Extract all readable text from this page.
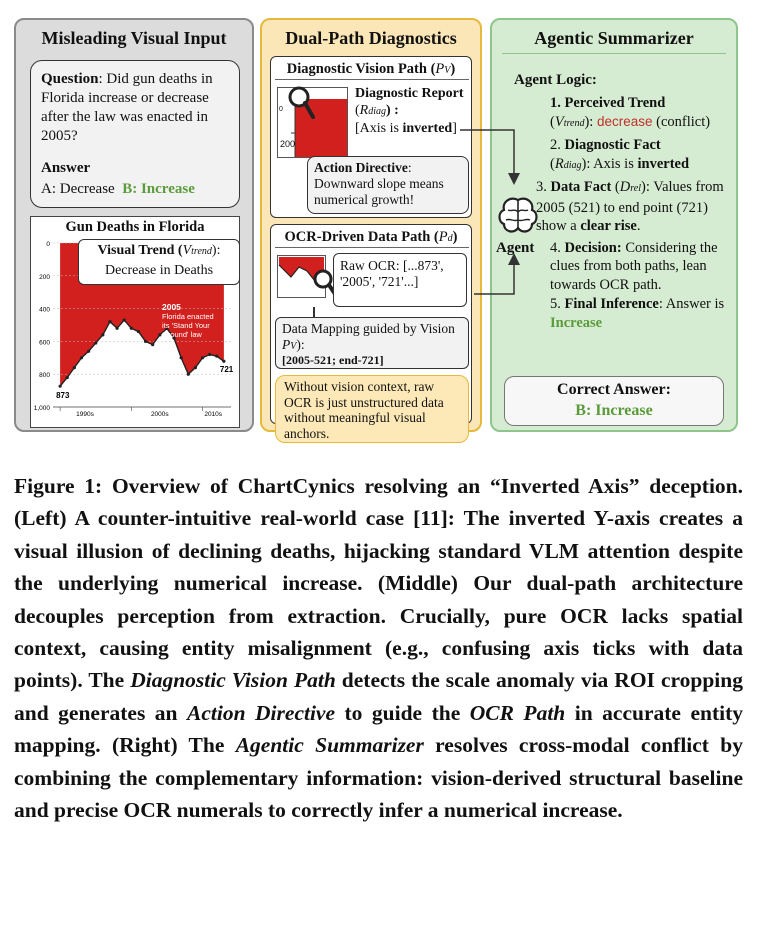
Misleading Visual Input
Question: Did gun deaths in Florida increase or decrease after the law was enacted in 2005?
Answer
A: Decrease B: Increase
Gun Deaths in Florida
0
200
400
600
800
1,000
1990s	2000s	2010s
873
721
Visual Trend (Vtrend):
Decrease in Deaths
2005
Florida enacted
its 'Stand Your
Ground' law
Dual-Path Diagnostics
Diagnostic Vision Path (PV)
0
200
Diagnostic Report
(Rdiag) :
[Axis is inverted]
Action Directive: Downward slope means numerical growth!
OCR-Driven Data Path (Pd)
Raw OCR: [...873', '2005', '721'...]
Data Mapping guided by Vision PV):
[2005-521; end-721]
Without vision context, raw OCR is just unstructured data without meaningful visual anchors.
Agentic Summarizer
Agent Logic:
Agent
1. Perceived Trend
(Vtrend): decrease (conflict)
2. Diagnostic Fact
(Rdiag): Axis is inverted
3. Data Fact (Drel): Values from 2005 (521) to end point (721) show a clear rise.
4. Decision: Considering the clues from both paths, lean towards OCR path.
5. Final Inference: Answer is Increase
Correct Answer:
B: Increase
Figure 1: Overview of ChartCynics resolving an “Inverted Axis” deception. (Left) A counter-intuitive real-world case [11]: The inverted Y-axis creates a visual illusion of declining deaths, hijacking standard VLM attention despite the underlying numerical increase. (Middle) Our dual-path architecture decouples perception from extraction. Crucially, pure OCR lacks spatial context, causing entity misalignment (e.g., confusing axis ticks with data points). The Diagnostic Vision Path detects the scale anomaly via ROI cropping and generates an Action Directive to guide the OCR Path in accurate entity mapping. (Right) The Agentic Summarizer resolves cross-modal conflict by combining the complementary information: vision-derived structural baseline and precise OCR numerals to correctly infer a numerical increase.
